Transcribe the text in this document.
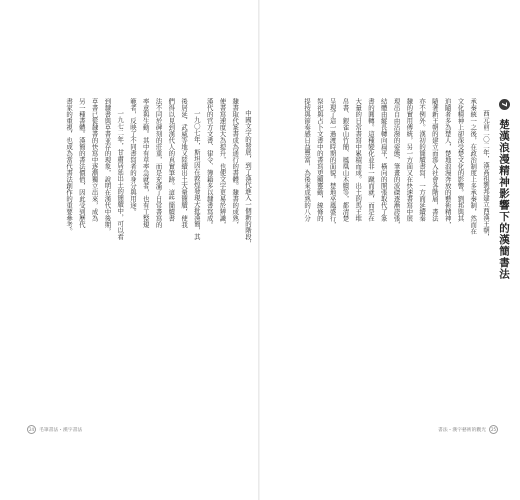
中國文字的發展，到了漢代進入一個新的階段，
隸書取代篆書成為通行的書體。隸書的成熟，
使書寫速度大為提升，也使文字更易於辨識，
漢代的官方文書、律令、簿籍多以隸書寫成。
一九〇七年，斯坦因在敦煌發現大批漢簡，其
後居延、武威等地又陸續出土大量簡牘，使我
們得以見到漢代人的真實筆跡。這些簡牘書
法不同於碑刻的莊重，而是充滿了日常書寫的
率意與生動。其中有草率急就者，也有工整規
範者，反映了不同書寫者的身分與用途。
一九七二年，甘肅居延出土的簡牘中，可以看
到隸書與草書並存的現象，說明在漢代中後期，
草書已從隸書的快寫中逐漸獨立出來，成為
另一種書體。漢簡的書法價值，因此受到歷代
書家的重視，也成為當代書法創作的重要參考。
24	毛筆書法・漢字書法
7 楚漢浪漫精神影響下的漢簡書法
西元前二〇二年，漢高祖劉邦建立西漢王朝，
承秦統一之後，在政治制度上多承秦制，然而在
文化精神上卻深受楚文化的影響。劉邦與其
追隨者多為楚人，楚地浪漫奔放的藝術精神，
隨著新王朝的建立而滲入社會各階層，書法
亦不例外。漢初的簡牘書寫，一方面延續秦
隸的實用傳統，另一方面又在快速書寫中展
現出自由活潑的姿態，筆畫的波磔逐漸誇張，
結體由縱長轉向扁平，橫向的開張取代了篆
書的圓轉。這種變化並非一蹴而就，而是在
大量的日常書寫中累積而成。出土的馬王堆
帛書、銀雀山竹簡、鳳凰山木牘等，都清楚
呈現了這一過渡時期的面貌。楚地巫風盛行，
祭祀與占卜文書中的書寫更顯靈動，線條的
提按與節奏感日益豐富，為後來成熟的八分
書法・漢字藝術的觀光	25
